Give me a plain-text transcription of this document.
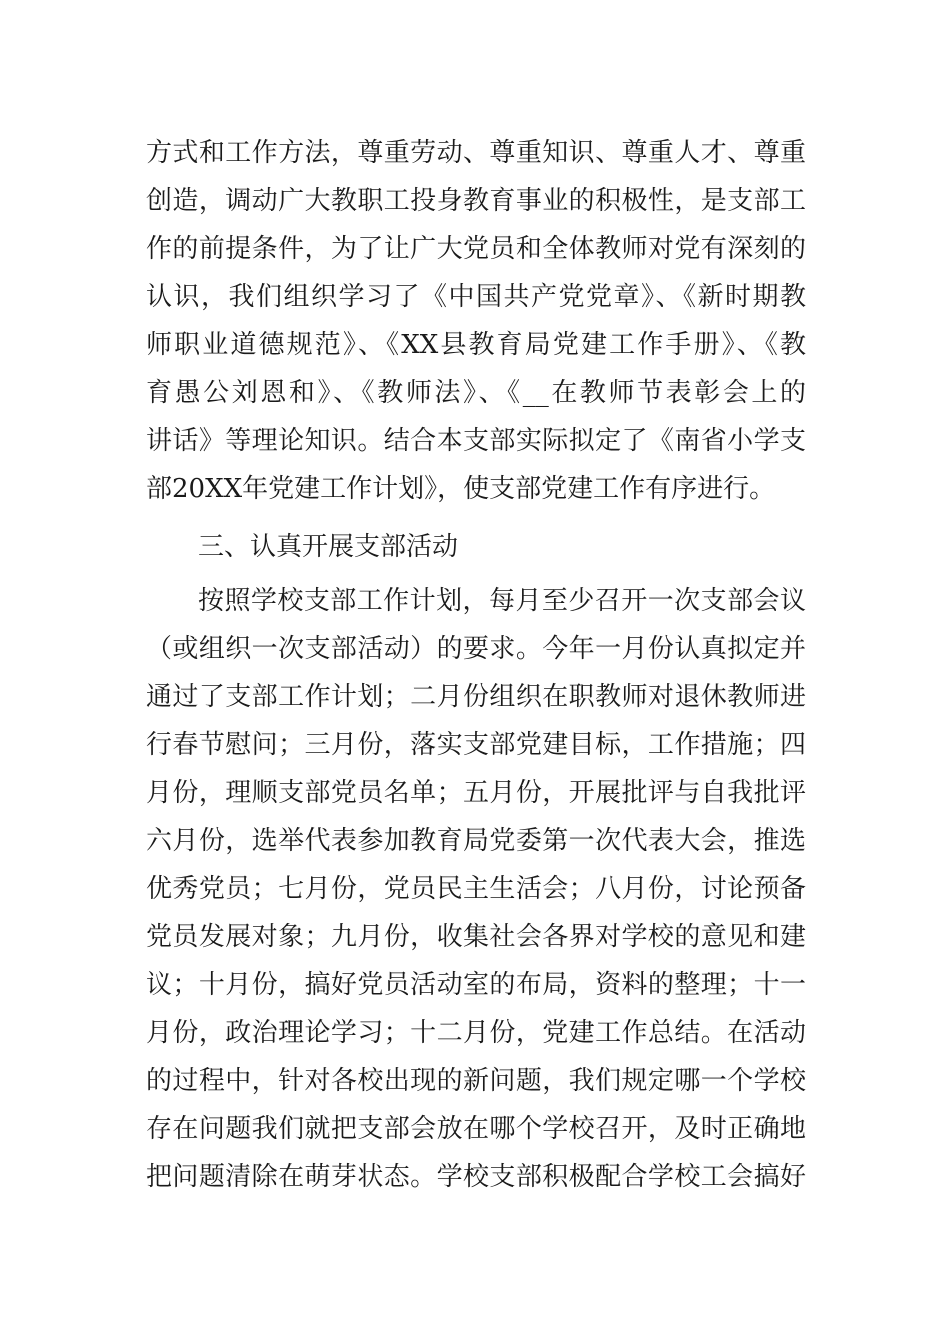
方式和工作方法，尊重劳动、尊重知识、尊重人才、尊重
创造，调动广大教职工投身教育事业的积极性，是支部工
作的前提条件，为了让广大党员和全体教师对党有深刻的
认识，我们组织学习了《中国共产党党章》、《新时期教
师职业道德规范》、《XX县教育局党建工作手册》、《教
育愚公刘恩和》、《教师法》、《__在教师节表彰会上的
讲话》等理论知识。结合本支部实际拟定了《南省小学支
部20XX年党建工作计划》，使支部党建工作有序进行。
三、认真开展支部活动
按照学校支部工作计划，每月至少召开一次支部会议
（或组织一次支部活动）的要求。今年一月份认真拟定并
通过了支部工作计划；二月份组织在职教师对退休教师进
行春节慰问；三月份，落实支部党建目标，工作措施；四
月份，理顺支部党员名单；五月份，开展批评与自我批评
六月份，选举代表参加教育局党委第一次代表大会，推选
优秀党员；七月份，党员民主生活会；八月份，讨论预备
党员发展对象；九月份，收集社会各界对学校的意见和建
议；十月份，搞好党员活动室的布局，资料的整理；十一
月份，政治理论学习；十二月份，党建工作总结。在活动
的过程中，针对各校出现的新问题，我们规定哪一个学校
存在问题我们就把支部会放在哪个学校召开，及时正确地
把问题清除在萌芽状态。学校支部积极配合学校工会搞好
